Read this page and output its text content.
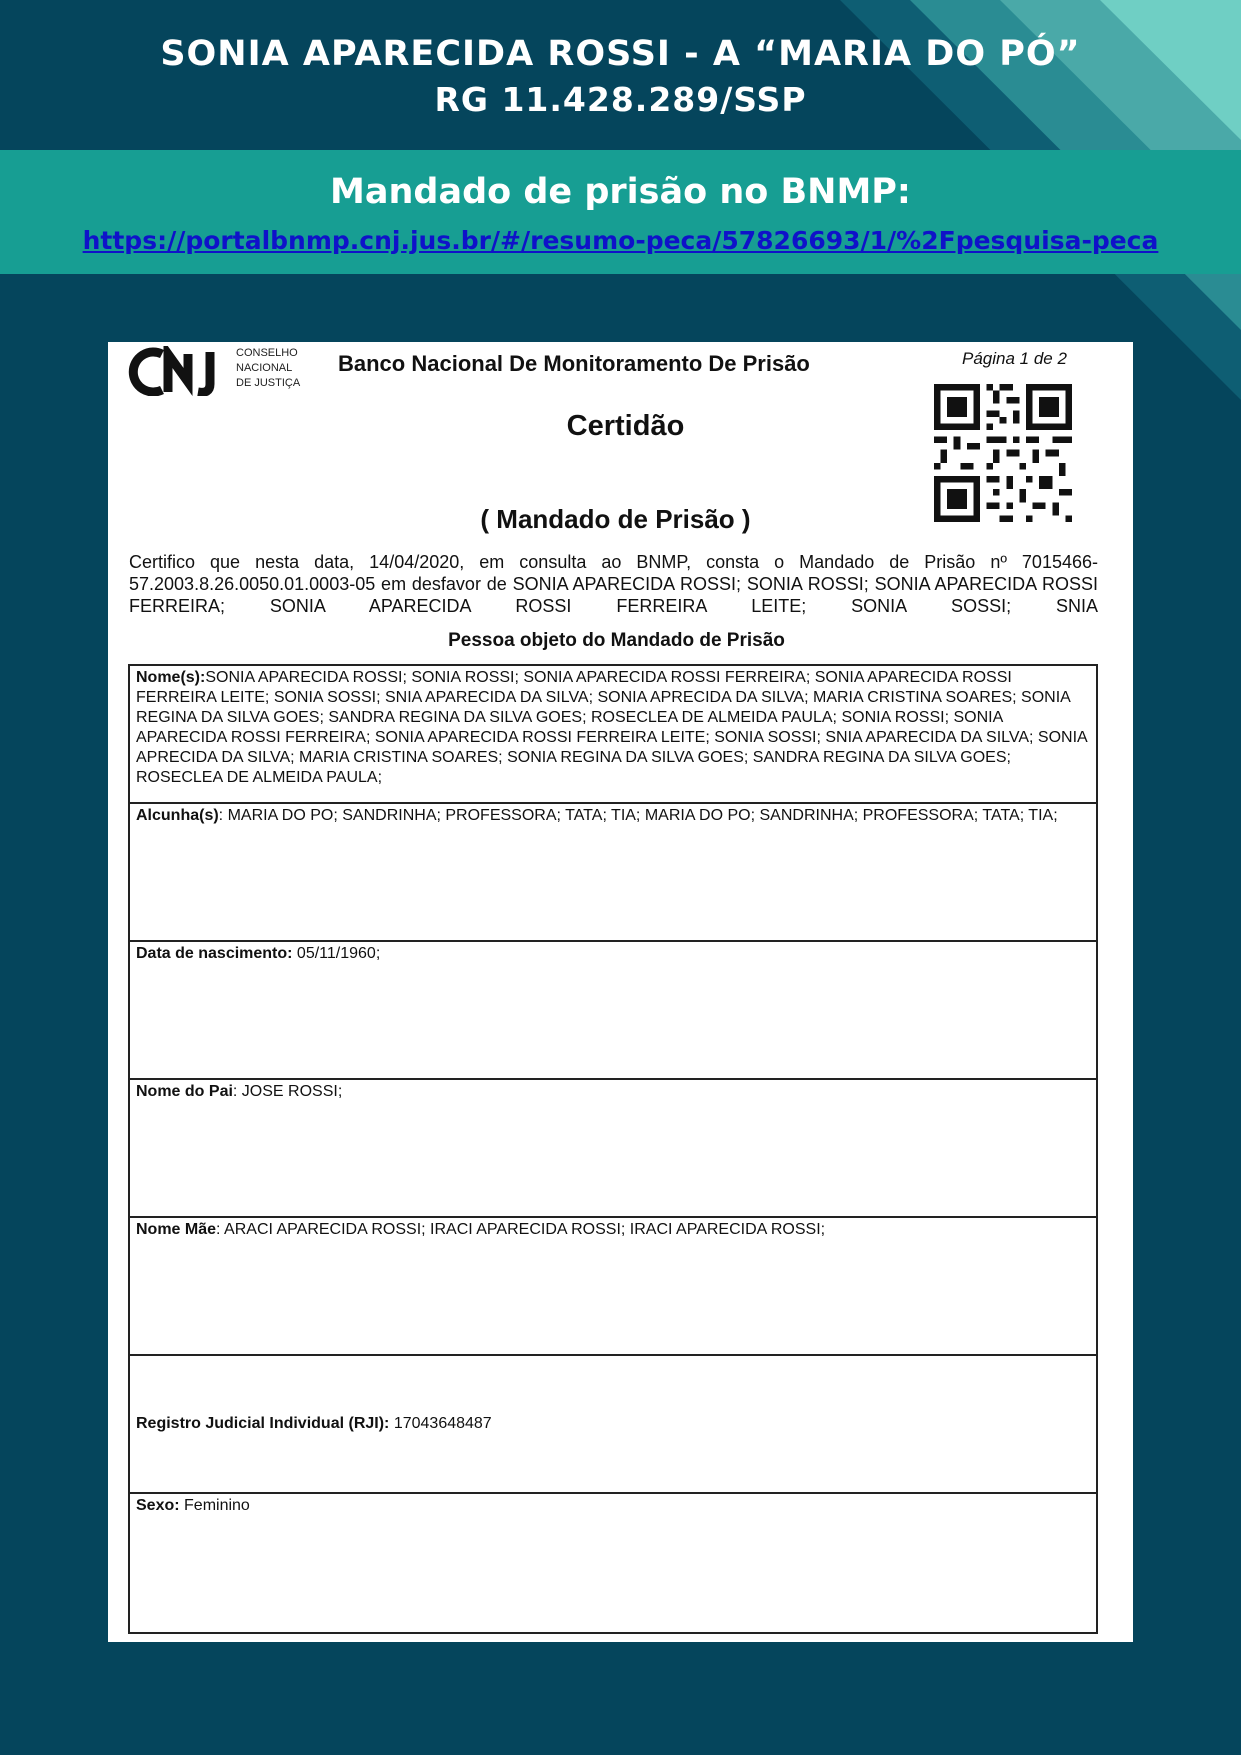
SONIA APARECIDA ROSSI - A “MARIA DO PÓ”
RG 11.428.289/SSP
Mandado de prisão no BNMP:
https://portalbnmp.cnj.jus.br/#/resumo-peca/57826693/1/%2Fpesquisa-peca
CONSELHO
NACIONAL
DE JUSTIÇA
Banco Nacional De Monitoramento De Prisão	Página 1 de 2
Certidão
( Mandado de Prisão )
Certifico que nesta data, 14/04/2020, em consulta ao BNMP, consta o Mandado de Prisão nº 7015466-57.2003.8.26.0050.01.0003-05 em desfavor de SONIA APARECIDA ROSSI; SONIA ROSSI; SONIA APARECIDA ROSSI FERREIRA; SONIA APARECIDA ROSSI FERREIRA LEITE; SONIA SOSSI; SNIA
Pessoa objeto do Mandado de Prisão
Nome(s):SONIA APARECIDA ROSSI; SONIA ROSSI; SONIA APARECIDA ROSSI FERREIRA; SONIA APARECIDA ROSSI FERREIRA LEITE; SONIA SOSSI; SNIA APARECIDA DA SILVA; SONIA APRECIDA DA SILVA; MARIA CRISTINA SOARES; SONIA REGINA DA SILVA GOES; SANDRA REGINA DA SILVA GOES; ROSECLEA DE ALMEIDA PAULA; SONIA ROSSI; SONIA APARECIDA ROSSI FERREIRA; SONIA APARECIDA ROSSI FERREIRA LEITE; SONIA SOSSI; SNIA APARECIDA DA SILVA; SONIA APRECIDA DA SILVA; MARIA CRISTINA SOARES; SONIA REGINA DA SILVA GOES; SANDRA REGINA DA SILVA GOES; ROSECLEA DE ALMEIDA PAULA;
Alcunha(s): MARIA DO PO; SANDRINHA; PROFESSORA; TATA; TIA; MARIA DO PO; SANDRINHA; PROFESSORA; TATA; TIA;
Data de nascimento: 05/11/1960;
Nome do Pai: JOSE ROSSI;
Nome Mãe: ARACI APARECIDA ROSSI; IRACI APARECIDA ROSSI; IRACI APARECIDA ROSSI;
Registro Judicial Individual (RJI): 17043648487
Sexo: Feminino
